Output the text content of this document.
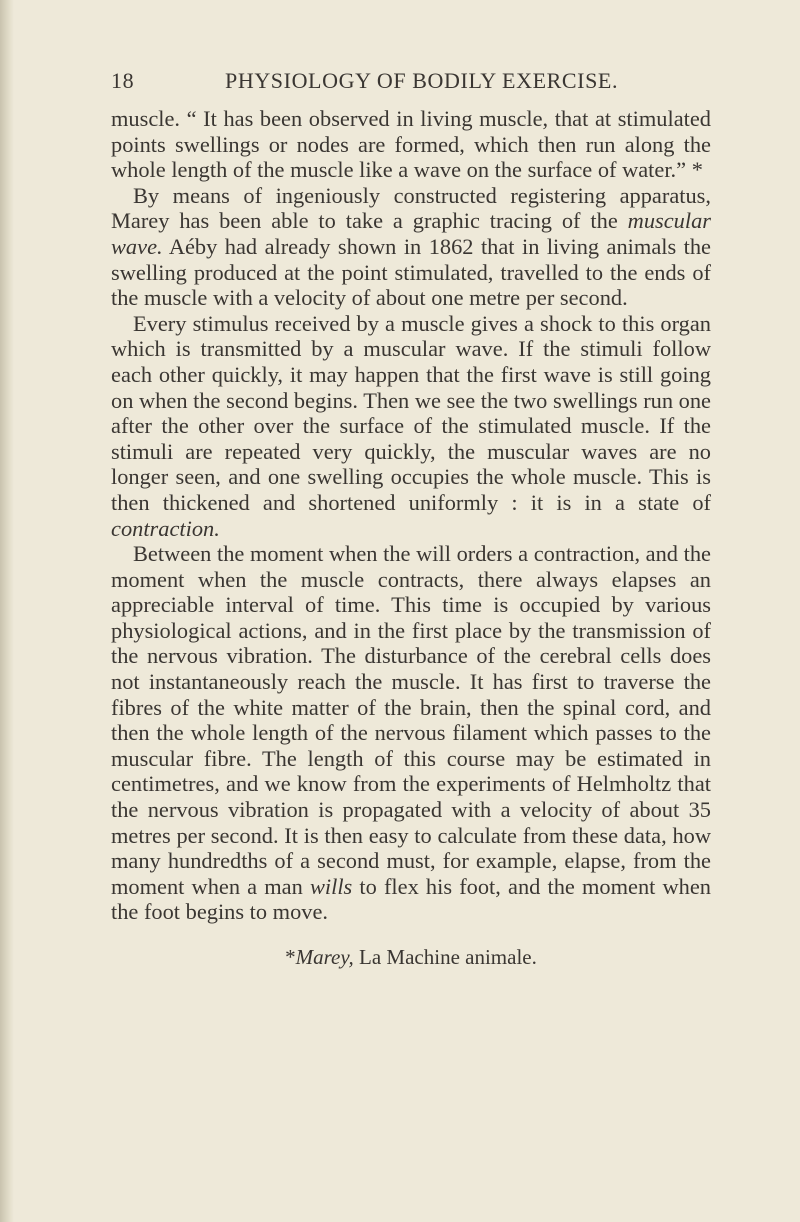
18	PHYSIOLOGY OF BODILY EXERCISE.

muscle. “ It has been observed in living muscle, that at stimulated points swellings or nodes are formed, which then run along the whole length of the muscle like a wave on the surface of water.” *

By means of ingeniously constructed registering apparatus, Marey has been able to take a graphic tracing of the muscular wave. Aéby had already shown in 1862 that in living animals the swelling produced at the point stimulated, travelled to the ends of the muscle with a velocity of about one metre per second.

Every stimulus received by a muscle gives a shock to this organ which is transmitted by a muscular wave. If the stimuli follow each other quickly, it may happen that the first wave is still going on when the second begins. Then we see the two swellings run one after the other over the surface of the stimulated muscle. If the stimuli are repeated very quickly, the muscular waves are no longer seen, and one swelling occupies the whole muscle. This is then thickened and shortened uniformly : it is in a state of contraction.

Between the moment when the will orders a contraction, and the moment when the muscle contracts, there always elapses an appreciable interval of time. This time is occupied by various physiological actions, and in the first place by the transmission of the nervous vibration. The disturbance of the cerebral cells does not instantaneously reach the muscle. It has first to traverse the fibres of the white matter of the brain, then the spinal cord, and then the whole length of the nervous filament which passes to the muscular fibre. The length of this course may be estimated in centimetres, and we know from the experiments of Helmholtz that the nervous vibration is propagated with a velocity of about 35 metres per second. It is then easy to calculate from these data, how many hundredths of a second must, for example, elapse, from the moment when a man wills to flex his foot, and the moment when the foot begins to move.

*Marey, La Machine animale.
